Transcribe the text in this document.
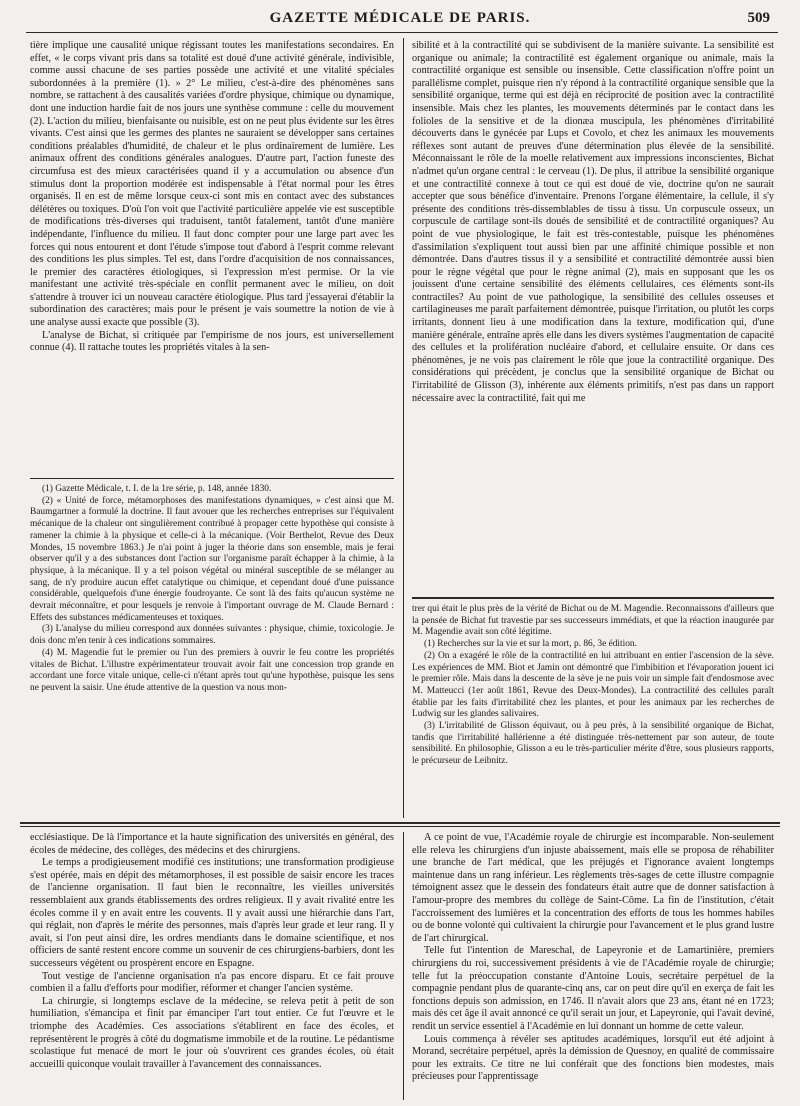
GAZETTE MÉDICALE DE PARIS.	509

tière implique une causalité unique régissant toutes les manifestations secondaires. En effet, « le corps vivant pris dans sa totalité est doué d'une activité générale, indivisible, comme aussi chacune de ses parties possède une activité et une vitalité spéciales subordonnées à la première (1). » 2° Le milieu, c'est-à-dire des phénomènes sans nombre, se rattachent à des causalités variées d'ordre physique, chimique ou dynamique, dont une induction hardie fait de nos jours une synthèse commune : celle du mouvement (2). L'action du milieu, bienfaisante ou nuisible, est on ne peut plus évidente sur les êtres vivants. C'est ainsi que les germes des plantes ne sauraient se développer sans certaines conditions préalables d'humidité, de chaleur et le plus ordinairement de lumière. Les animaux offrent des conditions générales analogues. D'autre part, l'action funeste des circumfusa est des mieux caractérisées quand il y a accumulation ou absence d'un stimulus dont la proportion modérée est indispensable à l'état normal pour les êtres organisés. Il en est de même lorsque ceux-ci sont mis en contact avec des substances délétères ou toxiques. D'où l'on voit que l'activité particulière appelée vie est susceptible de modifications très-diverses qui traduisent, tantôt fatalement, tantôt d'une manière indépendante, l'influence du milieu. Il faut donc compter pour une large part avec les forces qui nous entourent et dont l'étude s'impose tout d'abord à l'esprit comme relevant des conditions les plus simples. Tel est, dans l'ordre d'acquisition de nos connaissances, le premier des caractères étiologiques, si l'expression m'est permise. Or la vie manifestant une activité très-spéciale en conflit permanent avec le milieu, on doit s'attendre à trouver ici un nouveau caractère étiologique. Plus tard j'essayerai d'établir la subordination des caractères; mais pour le présent je vais soumettre la notion de vie à une analyse aussi exacte que possible (3).

L'analyse de Bichat, si critiquée par l'empirisme de nos jours, est universellement connue (4). Il rattache toutes les propriétés vitales à la sen-

(1) Gazette Médicale, t. I. de la 1re série, p. 148, année 1830.

(2) « Unité de force, métamorphoses des manifestations dynamiques, » c'est ainsi que M. Baumgartner a formulé la doctrine. Il faut avouer que les recherches entreprises sur l'équivalent mécanique de la chaleur ont singulièrement contribué à propager cette hypothèse qui consiste à ramener la chimie à la physique et celle-ci à la mécanique. (Voir Berthelot, Revue des Deux Mondes, 15 novembre 1863.) Je n'ai point à juger la théorie dans son ensemble, mais je ferai observer qu'il y a des substances dont l'action sur l'organisme paraît échapper à la chimie, à la physique, à la mécanique. Il y a tel poison végétal ou minéral susceptible de se mélanger au sang, de n'y produire aucun effet catalytique ou chimique, et cependant doué d'une puissance considérable, quelquefois d'une énergie foudroyante. Ce sont là des faits qu'aucun système ne devrait méconnaître, et pour lesquels je renvoie à l'important ouvrage de M. Claude Bernard : Effets des substances médicamenteuses et toxiques.

(3) L'analyse du milieu correspond aux données suivantes : physique, chimie, toxicologie. Je dois donc m'en tenir à ces indications sommaires.

(4) M. Magendie fut le premier ou l'un des premiers à ouvrir le feu contre les propriétés vitales de Bichat. L'illustre expérimentateur trouvait avoir fait une concession trop grande en accordant une force vitale unique, celle-ci n'étant après tout qu'une hypothèse, puisque les sens ne peuvent la saisir. Une étude attentive de la question va nous mon-

sibilité et à la contractilité qui se subdivisent de la manière suivante. La sensibilité est organique ou animale; la contractilité est également organique ou animale, mais la contractilité organique est sensible ou insensible. Cette classification n'offre point un parallélisme complet, puisque rien n'y répond à la contractilité organique sensible que la sensibilité organique, terme qui est déjà en réciprocité de position avec la contractilité insensible. Mais chez les plantes, les mouvements déterminés par le contact dans les folioles de la sensitive et de la dionæa muscipula, les phénomènes d'irritabilité découverts dans le gynécée par Lups et Covolo, et chez les animaux les mouvements réflexes sont autant de preuves d'une détermination plus élevée de la sensibilité. Méconnaissant le rôle de la moelle relativement aux impressions inconscientes, Bichat n'admet qu'un organe central : le cerveau (1). De plus, il attribue la sensibilité organique et une contractilité connexe à tout ce qui est doué de vie, doctrine qu'on ne saurait accepter que sous bénéfice d'inventaire. Prenons l'organe élémentaire, la cellule, il s'y présente des conditions très-dissemblables de tissu à tissu. Un corpuscule osseux, un corpuscule de cartilage sont-ils doués de sensibilité et de contractilité organiques? Au point de vue physiologique, le fait est très-contestable, puisque les phénomènes d'assimilation s'expliquent tout aussi bien par une affinité chimique possible et non démontrée. Dans d'autres tissus il y a sensibilité et contractilité démontrée aussi bien pour le règne végétal que pour le règne animal (2), mais en supposant que les os jouissent d'une certaine sensibilité des éléments cellulaires, ces éléments sont-ils contractiles? Au point de vue pathologique, la sensibilité des cellules osseuses et cartilagineuses me paraît parfaitement démontrée, puisque l'irritation, ou plutôt les corps irritants, donnent lieu à une modification dans la texture, modification qui, d'une manière générale, entraîne après elle dans les divers systèmes l'augmentation de capacité des cellules et la prolifération nucléaire d'abord, et cellulaire ensuite. Or dans ces phénomènes, je ne vois pas clairement le rôle que joue la contractilité organique. Des considérations qui précèdent, je conclus que la sensibilité organique de Bichat ou l'irritabilité de Glisson (3), inhérente aux éléments primitifs, n'est pas dans un rapport nécessaire avec la contractilité, fait qui me

trer qui était le plus près de la vérité de Bichat ou de M. Magendie. Reconnaissons d'ailleurs que la pensée de Bichat fut travestie par ses successeurs immédiats, et que la réaction inaugurée par M. Magendie avait son côté légitime.

(1) Recherches sur la vie et sur la mort, p. 86, 3e édition.

(2) On a exagéré le rôle de la contractilité en lui attribuant en entier l'ascension de la sève. Les expériences de MM. Biot et Jamin ont démontré que l'imbibition et l'évaporation jouent ici le premier rôle. Mais dans la descente de la sève je ne puis voir un simple fait d'endosmose avec M. Matteucci (1er août 1861, Revue des Deux-Mondes). La contractilité des cellules paraît établie par les faits d'irritabilité chez les plantes, et pour les animaux par les recherches de Ludwig sur les glandes salivaires.

(3) L'irritabilité de Glisson équivaut, ou à peu près, à la sensibilité organique de Bichat, tandis que l'irritabilité hallérienne a été distinguée très-nettement par son auteur, de toute sensibilité. En philosophie, Glisson a eu le très-particulier mérite d'être, sous plusieurs rapports, le précurseur de Leibnitz.

ecclésiastique. De là l'importance et la haute signification des universités en général, des écoles de médecine, des collèges, des médecins et des chirurgiens.

Le temps a prodigieusement modifié ces institutions; une transformation prodigieuse s'est opérée, mais en dépit des métamorphoses, il est possible de saisir encore les traces de l'ancienne organisation. Il faut bien le reconnaître, les vieilles universités ressemblaient aux grands établissements des ordres religieux. Il y avait rivalité entre les écoles comme il y en avait entre les couvents. Il y avait aussi une hiérarchie dans l'art, qui réglait, non d'après le mérite des personnes, mais d'après leur grade et leur rang. Il y avait, si l'on peut ainsi dire, les ordres mendiants dans le domaine scientifique, et nos officiers de santé restent encore comme un souvenir de ces chirurgiens-barbiers, dont les successeurs végètent ou prospèrent encore en Espagne.

Tout vestige de l'ancienne organisation n'a pas encore disparu. Et ce fait prouve combien il a fallu d'efforts pour modifier, réformer et changer l'ancien système.

La chirurgie, si longtemps esclave de la médecine, se releva petit à petit de son humiliation, s'émancipa et finit par émanciper l'art tout entier. Ce fut l'œuvre et le triomphe des Académies. Ces associations s'établirent en face des écoles, et représentèrent le progrès à côté du dogmatisme immobile et de la routine. Le pédantisme scolastique fut menacé de mort le jour où s'ouvrirent ces grandes écoles, où était accueilli quiconque voulait travailler à l'avancement des connaissances.

A ce point de vue, l'Académie royale de chirurgie est incomparable. Non-seulement elle releva les chirurgiens d'un injuste abaissement, mais elle se proposa de réhabiliter une branche de l'art médical, que les préjugés et l'ignorance avaient longtemps maintenue dans un rang inférieur. Les règlements très-sages de cette illustre compagnie témoignent assez que le dessein des fondateurs était autre que de donner satisfaction à l'amour-propre des membres du collège de Saint-Côme. La fin de l'institution, c'était l'accroissement des lumières et la concentration des efforts de tous les hommes habiles ou de bonne volonté qui cultivaient la chirurgie pour l'avancement et le plus grand lustre de l'art chirurgical.

Telle fut l'intention de Mareschal, de Lapeyronie et de Lamartinière, premiers chirurgiens du roi, successivement présidents à vie de l'Académie royale de chirurgie; telle fut la préoccupation constante d'Antoine Louis, secrétaire perpétuel de la compagnie pendant plus de quarante-cinq ans, car on peut dire qu'il en exerça de fait les fonctions depuis son admission, en 1746. Il n'avait alors que 23 ans, étant né en 1723; mais dès cet âge il avait annoncé ce qu'il serait un jour, et Lapeyronie, qui l'avait deviné, rendit un service essentiel à l'Académie en lui donnant un homme de cette valeur.

Louis commença à révéler ses aptitudes académiques, lorsqu'il eut été adjoint à Morand, secrétaire perpétuel, après la démission de Quesnoy, en qualité de commissaire pour les extraits. Ce titre ne lui conférait que des fonctions bien modestes, mais précieuses pour l'apprentissage
